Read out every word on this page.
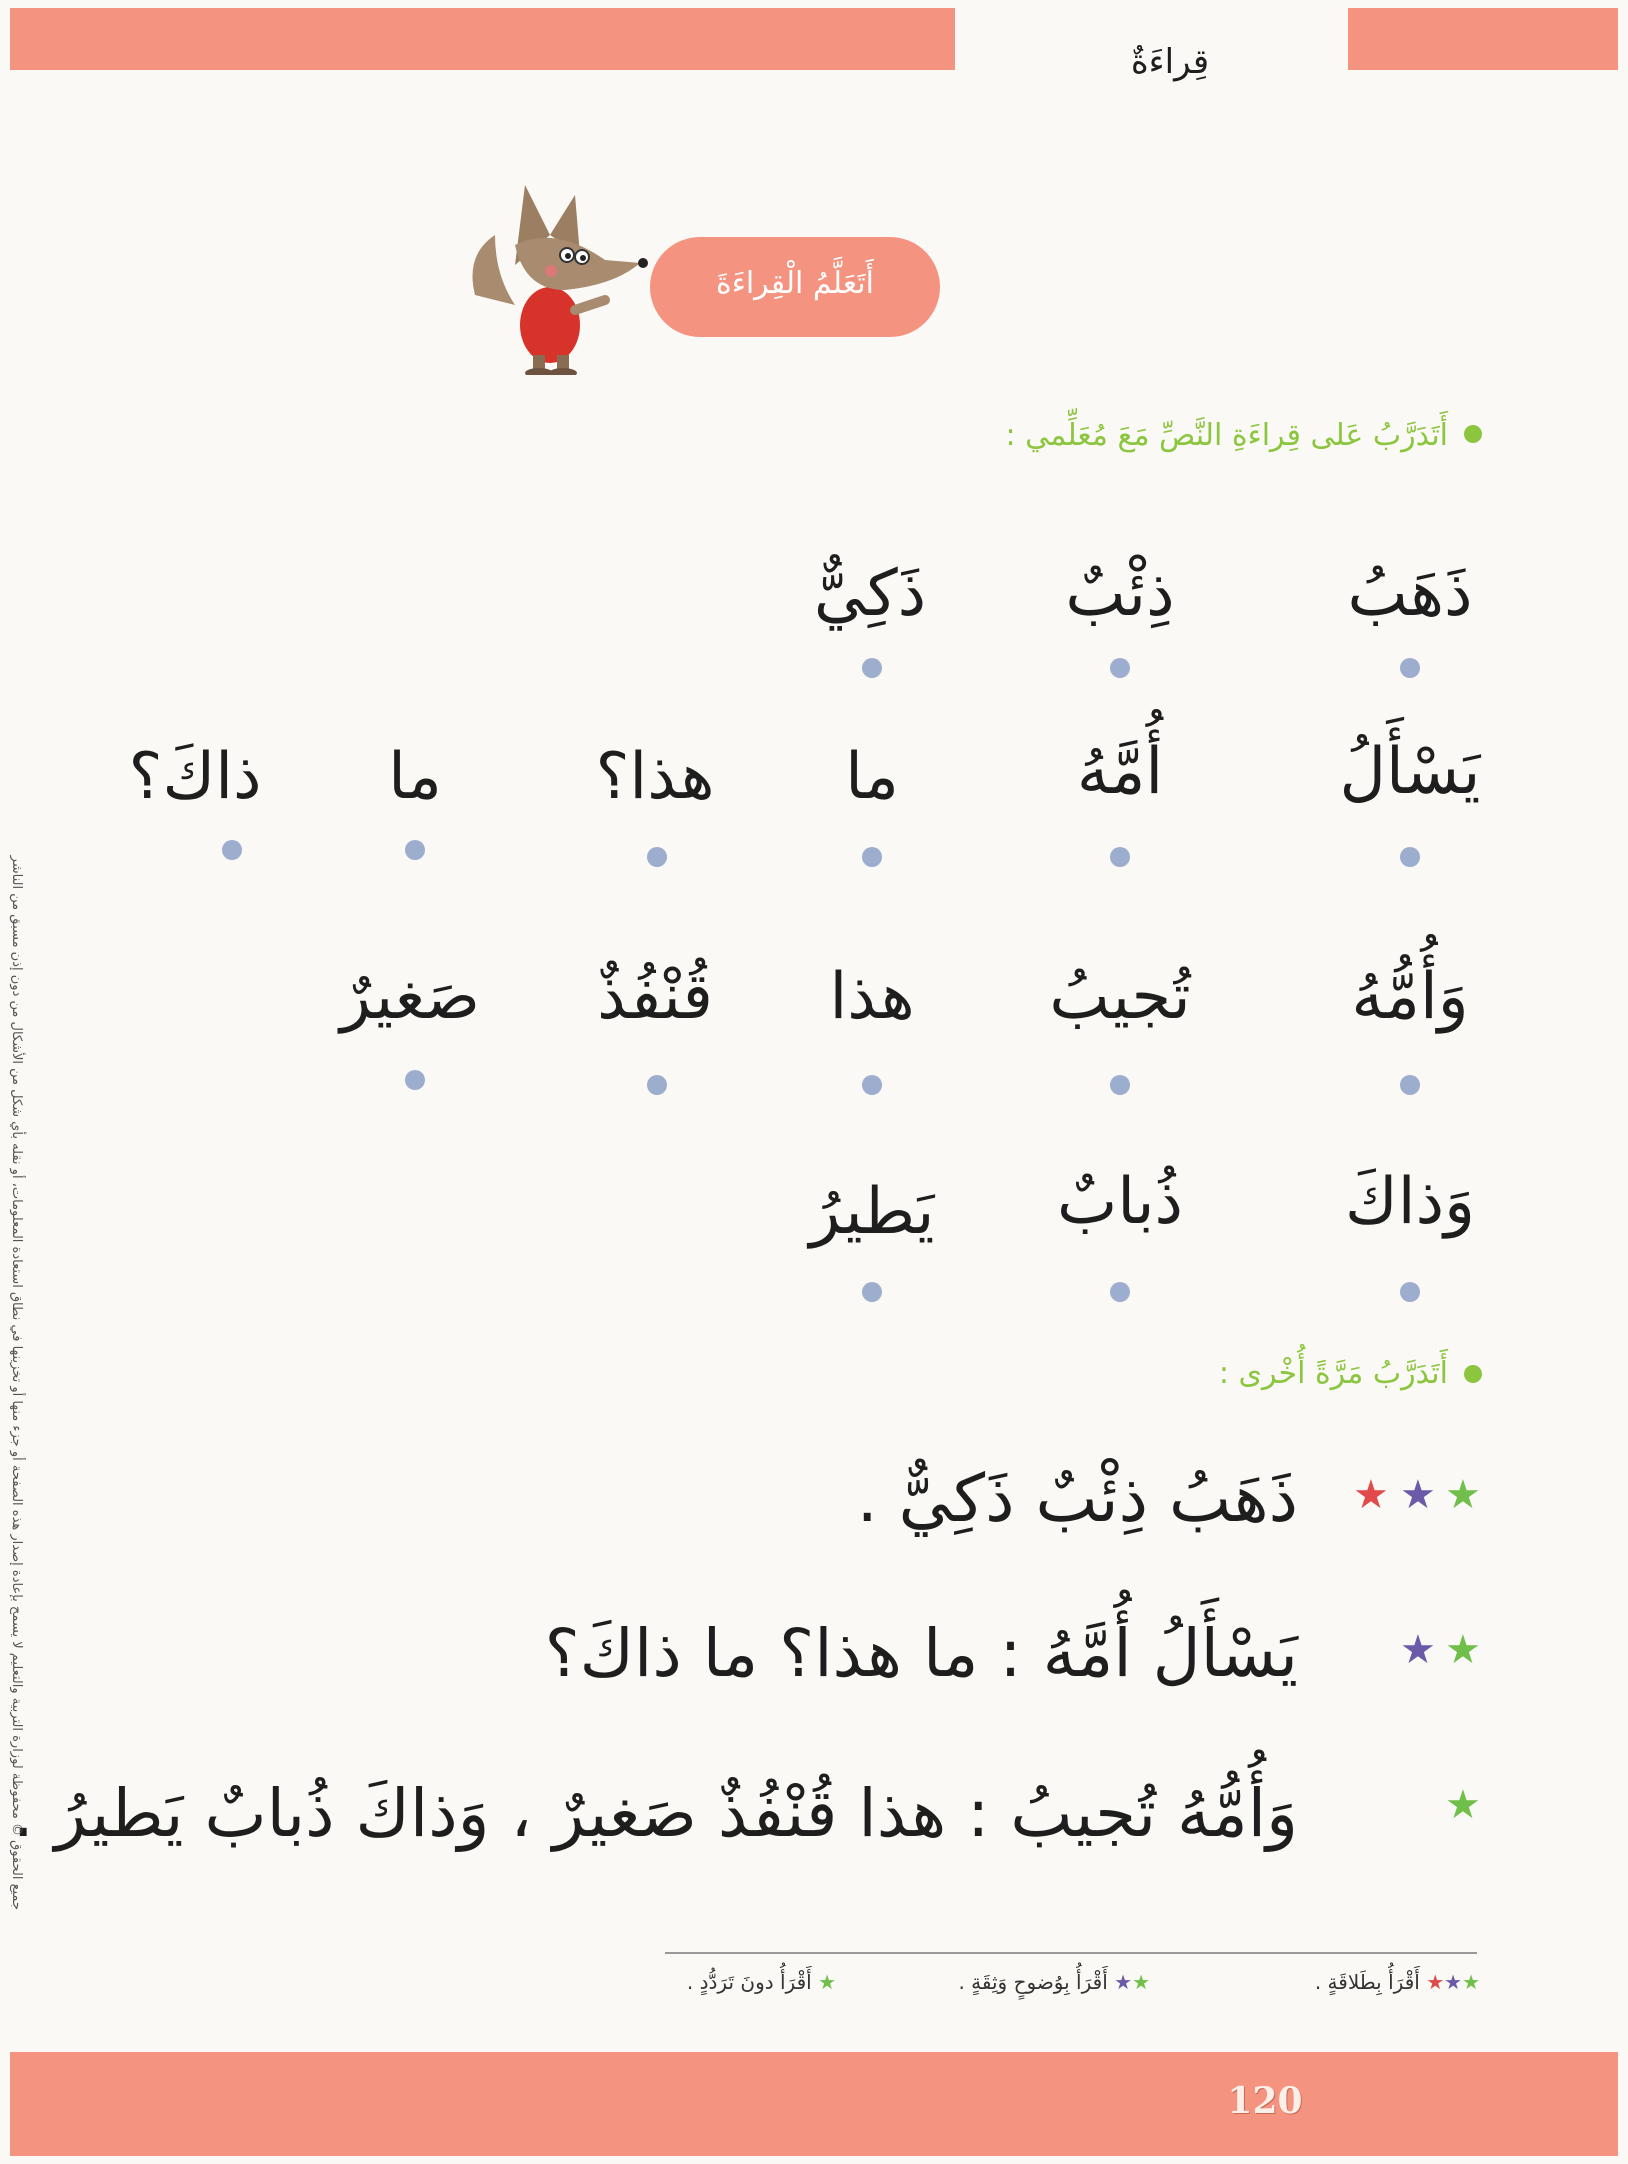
قِراءَةٌ
أَتَعَلَّمُ الْقِراءَةَ
أَتَدَرَّبُ عَلى قِراءَةِ النَّصِّ مَعَ مُعَلِّمي :
ذَهَبُ
ذِئْبٌ
ذَكِيٌّ
يَسْأَلُ
أُمَّهُ
ما
هذا؟
ما
ذاكَ؟
وَأُمُّهُ
تُجيبُ
هذا
قُنْفُذٌ
صَغيرٌ
وَذاكَ
ذُبابٌ
يَطيرُ
أَتَدَرَّبُ مَرَّةً أُخْرى :
ذَهَبُ ذِئْبٌ ذَكِيٌّ .	★
★
★
يَسْأَلُ أُمَّهُ : ما هذا؟ ما ذاكَ؟	★
★
وَأُمُّهُ تُجيبُ : هذا قُنْفُذٌ صَغيرٌ ، وَذاكَ ذُبابٌ يَطيرُ .	★
★★★ أَقْرَأُ بِطَلاقَةٍ .
★★ أَقْرَأُ بِوُضوحٍ وَثِقَةٍ .
★ أَقْرَأُ دونَ تَرَدُّدٍ .
جميع الحقوق © محفوظة لوزارة التربية والتعليم لا يسمح بإعادة إصدار هذه الصفحة أو جزء منها أو تخزينها في نطاق استعادة المعلومات، أو نقله بأي شكل من الأشكال من دون إذن مسبق من الناشر
120
